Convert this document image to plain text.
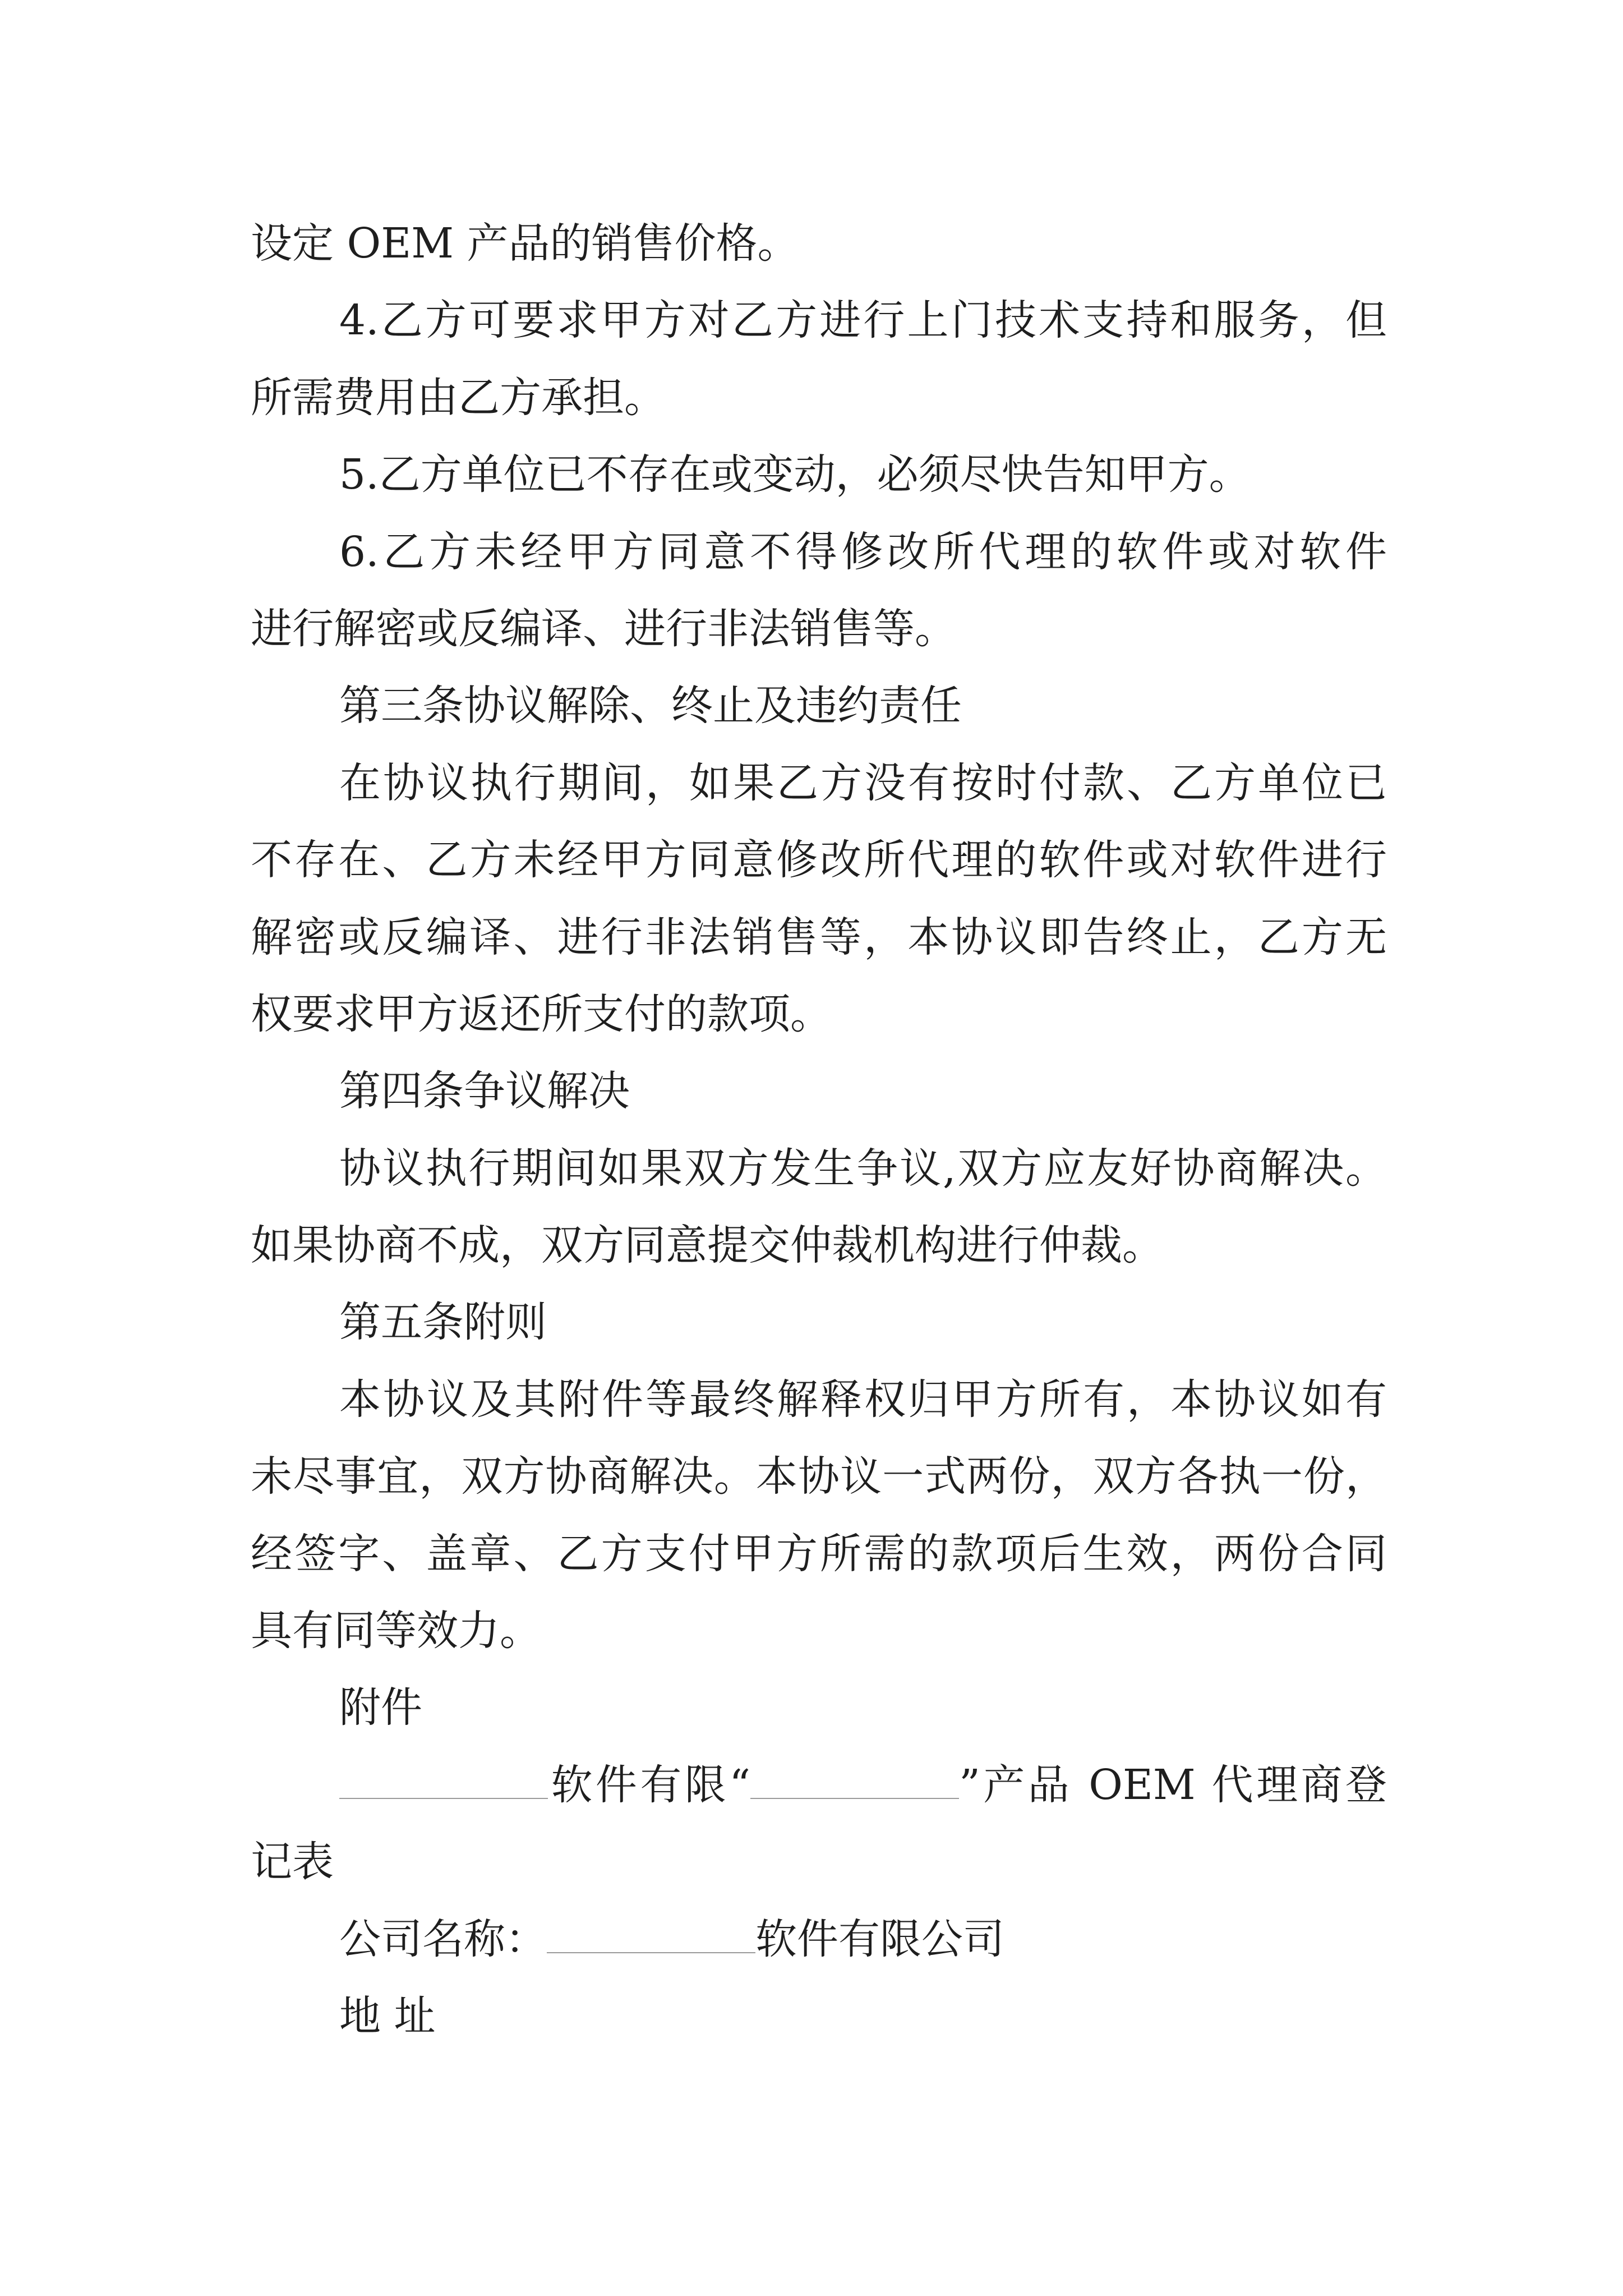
设定 OEM 产品的销售价格。
4.乙方可要求甲方对乙方进行上门技术支持和服务，但
所需费用由乙方承担。
5.乙方单位已不存在或变动，必须尽快告知甲方。
6.乙方未经甲方同意不得修改所代理的软件或对软件
进行解密或反编译、进行非法销售等。
第三条协议解除、终止及违约责任
在协议执行期间，如果乙方没有按时付款、乙方单位已
不存在、乙方未经甲方同意修改所代理的软件或对软件进行
解密或反编译、进行非法销售等，本协议即告终止，乙方无
权要求甲方返还所支付的款项。
第四条争议解决
协议执行期间如果双方发生争议,双方应友好协商解决。
如果协商不成，双方同意提交仲裁机构进行仲裁。
第五条附则
本协议及其附件等最终解释权归甲方所有，本协议如有
未尽事宜，双方协商解决。本协议一式两份，双方各执一份，
经签字、盖章、乙方支付甲方所需的款项后生效，两份合同
具有同等效力。
附件
软件有限“	”产品 OEM 代理商登
记表
公司名称：	软件有限公司
地 址
